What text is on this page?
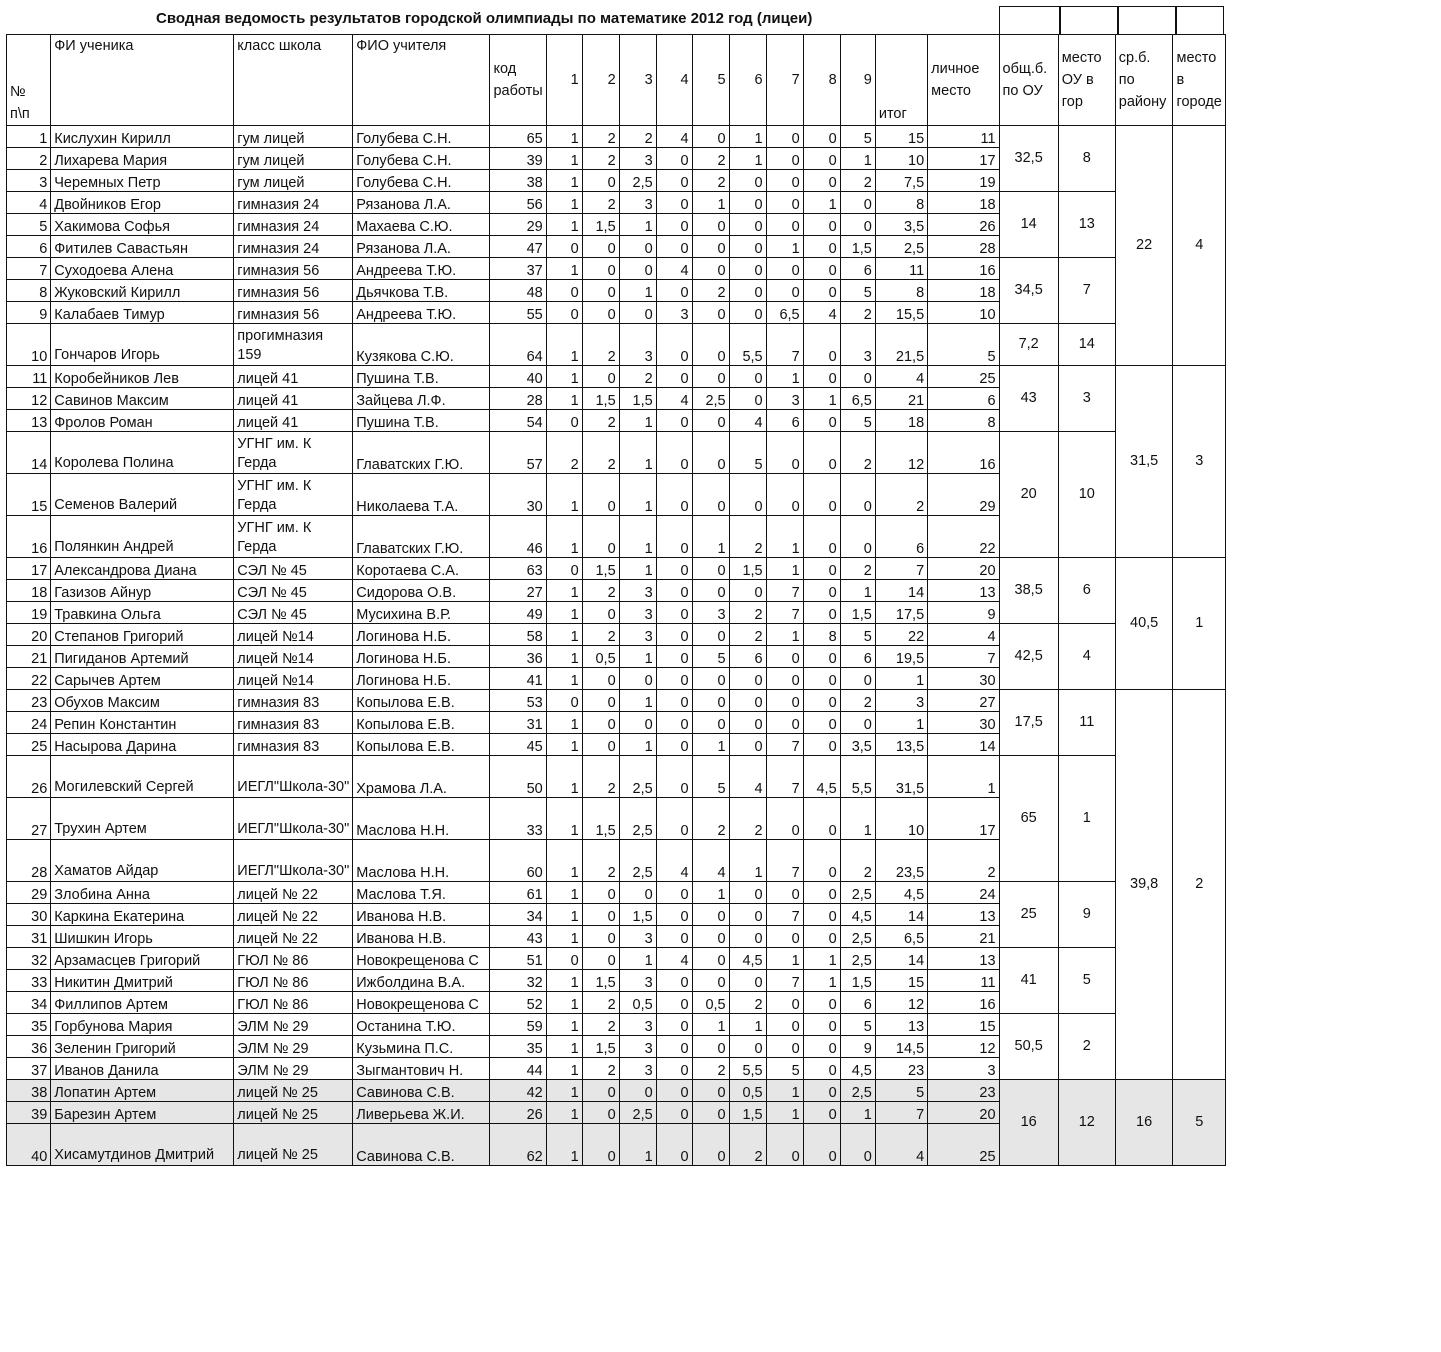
Сводная ведомость результатов городской олимпиады по математике 2012 год (лицеи)
№ п\п	ФИ ученика	класс школа	ФИО учителя	код работы	1	2	3	4	5	6	7	8	9	итог	личное место	общ.б. по ОУ	место ОУ в гор	ср.б. по району	место в городе
1	Кислухин Кирилл	гум лицей	Голубева С.Н.	65	1	2	2	4	0	1	0	0	5	15	11	32,5	8	22	4
2	Лихарева Мария	гум лицей	Голубева С.Н.	39	1	2	3	0	2	1	0	0	1	10	17				
3	Черемных Петр	гум лицей	Голубева С.Н.	38	1	0	2,5	0	2	0	0	0	2	7,5	19				
4	Двойников Егор	гимназия 24	Рязанова Л.А.	56	1	2	3	0	1	0	0	1	0	8	18	14	13		
5	Хакимова Софья	гимназия 24	Махаева С.Ю.	29	1	1,5	1	0	0	0	0	0	0	3,5	26				
6	Фитилев Савастьян	гимназия 24	Рязанова Л.А.	47	0	0	0	0	0	0	1	0	1,5	2,5	28				
7	Суходоева Алена	гимназия 56	Андреева Т.Ю.	37	1	0	0	4	0	0	0	0	6	11	16	34,5	7		
8	Жуковский Кирилл	гимназия 56	Дьячкова Т.В.	48	0	0	1	0	2	0	0	0	5	8	18				
9	Калабаев Тимур	гимназия 56	Андреева Т.Ю.	55	0	0	0	3	0	0	6,5	4	2	15,5	10				
10	Гончаров Игорь	прогимназия 159	Кузякова С.Ю.	64	1	2	3	0	0	5,5	7	0	3	21,5	5	7,2	14		
11	Коробейников Лев	лицей 41	Пушина Т.В.	40	1	0	2	0	0	0	1	0	0	4	25	43	3	31,5	3
12	Савинов Максим	лицей 41	Зайцева Л.Ф.	28	1	1,5	1,5	4	2,5	0	3	1	6,5	21	6				
13	Фролов Роман	лицей 41	Пушина Т.В.	54	0	2	1	0	0	4	6	0	5	18	8				
14	Королева Полина	УГНГ им. К Герда	Главатских Г.Ю.	57	2	2	1	0	0	5	0	0	2	12	16	20	10		
15	Семенов Валерий	УГНГ им. К Герда	Николаева Т.А.	30	1	0	1	0	0	0	0	0	0	2	29				
16	Полянкин Андрей	УГНГ им. К Герда	Главатских Г.Ю.	46	1	0	1	0	1	2	1	0	0	6	22				
17	Александрова Диана	СЭЛ № 45	Коротаева С.А.	63	0	1,5	1	0	0	1,5	1	0	2	7	20	38,5	6	40,5	1
18	Газизов Айнур	СЭЛ № 45	Сидорова О.В.	27	1	2	3	0	0	0	7	0	1	14	13				
19	Травкина Ольга	СЭЛ № 45	Мусихина В.Р.	49	1	0	3	0	3	2	7	0	1,5	17,5	9				
20	Степанов Григорий	лицей №14	Логинова Н.Б.	58	1	2	3	0	0	2	1	8	5	22	4	42,5	4		
21	Пигиданов Артемий	лицей №14	Логинова Н.Б.	36	1	0,5	1	0	5	6	0	0	6	19,5	7				
22	Сарычев Артем	лицей №14	Логинова Н.Б.	41	1	0	0	0	0	0	0	0	0	1	30				
23	Обухов Максим	гимназия 83	Копылова Е.В.	53	0	0	1	0	0	0	0	0	2	3	27	17,5	11	39,8	2
24	Репин Константин	гимназия 83	Копылова Е.В.	31	1	0	0	0	0	0	0	0	0	1	30				
25	Насырова Дарина	гимназия 83	Копылова Е.В.	45	1	0	1	0	1	0	7	0	3,5	13,5	14				
26	Могилевский Сергей	ИЕГЛ"Школа-30"	Храмова Л.А.	50	1	2	2,5	0	5	4	7	4,5	5,5	31,5	1	65	1		
27	Трухин Артем	ИЕГЛ"Школа-30"	Маслова Н.Н.	33	1	1,5	2,5	0	2	2	0	0	1	10	17				
28	Хаматов Айдар	ИЕГЛ"Школа-30"	Маслова Н.Н.	60	1	2	2,5	4	4	1	7	0	2	23,5	2				
29	Злобина Анна	лицей № 22	Маслова Т.Я.	61	1	0	0	0	1	0	0	0	2,5	4,5	24	25	9		
30	Каркина Екатерина	лицей № 22	Иванова Н.В.	34	1	0	1,5	0	0	0	7	0	4,5	14	13				
31	Шишкин Игорь	лицей № 22	Иванова Н.В.	43	1	0	3	0	0	0	0	0	2,5	6,5	21				
32	Арзамасцев Григорий	ГЮЛ № 86	Новокрещенова С	51	0	0	1	4	0	4,5	1	1	2,5	14	13	41	5		
33	Никитин Дмитрий	ГЮЛ № 86	Ижболдина В.А.	32	1	1,5	3	0	0	0	7	1	1,5	15	11				
34	Филлипов Артем	ГЮЛ № 86	Новокрещенова С	52	1	2	0,5	0	0,5	2	0	0	6	12	16				
35	Горбунова Мария	ЭЛМ № 29	Останина Т.Ю.	59	1	2	3	0	1	1	0	0	5	13	15	50,5	2		
36	Зеленин Григорий	ЭЛМ № 29	Кузьмина П.С.	35	1	1,5	3	0	0	0	0	0	9	14,5	12				
37	Иванов Данила	ЭЛМ № 29	Зыгмантович Н.	44	1	2	3	0	2	5,5	5	0	4,5	23	3				
38	Лопатин Артем	лицей № 25	Савинова С.В.	42	1	0	0	0	0	0,5	1	0	2,5	5	23	16	12	16	5
39	Барезин Артем	лицей № 25	Ливерьева Ж.И.	26	1	0	2,5	0	0	1,5	1	0	1	7	20				
40	Хисамутдинов Дмитрий	лицей № 25	Савинова С.В.	62	1	0	1	0	0	2	0	0	0	4	25				
